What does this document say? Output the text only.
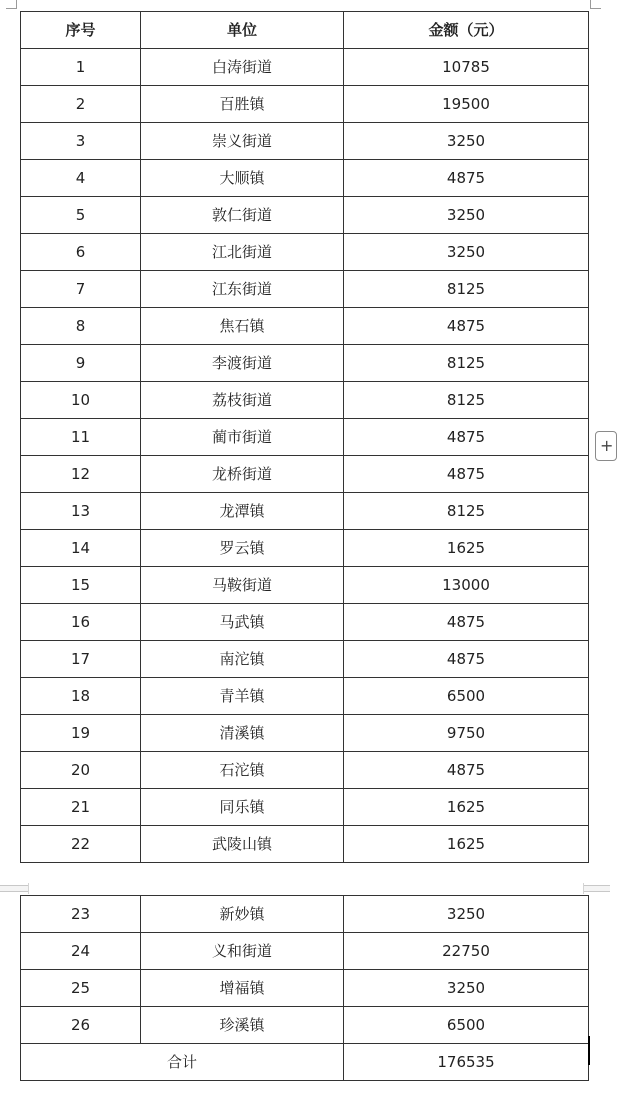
序号	单位	金额（元）
1	白涛街道	10785
2	百胜镇	19500
3	崇义街道	3250
4	大顺镇	4875
5	敦仁街道	3250
6	江北街道	3250
7	江东街道	8125
8	焦石镇	4875
9	李渡街道	8125
10	荔枝街道	8125
11	蔺市街道	4875
12	龙桥街道	4875
13	龙潭镇	8125
14	罗云镇	1625
15	马鞍街道	13000
16	马武镇	4875
17	南沱镇	4875
18	青羊镇	6500
19	清溪镇	9750
20	石沱镇	4875
21	同乐镇	1625
22	武陵山镇	1625
23	新妙镇	3250
24	义和街道	22750
25	增福镇	3250
26	珍溪镇	6500
合计		176535
+
